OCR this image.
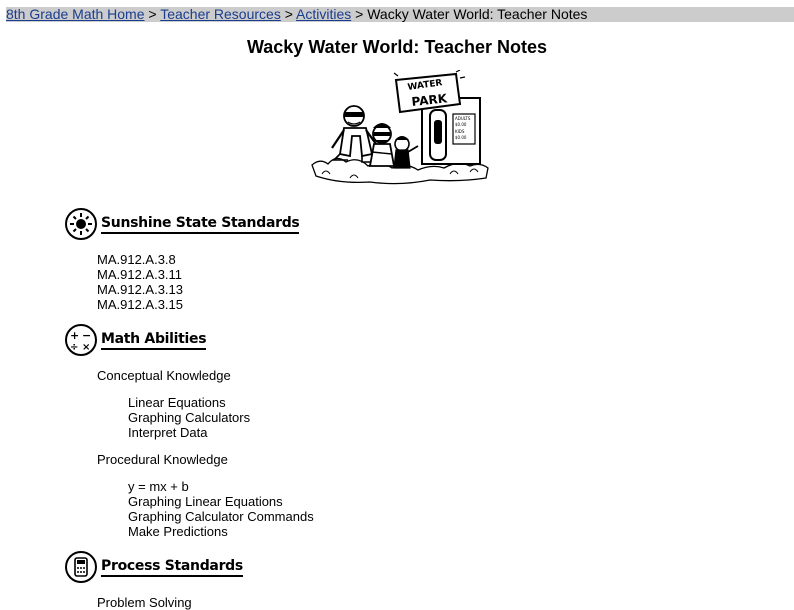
8th Grade Math Home > Teacher Resources > Activities > Wacky Water World: Teacher Notes
Wacky Water World: Teacher Notes
ADULTS
$0.00
KIDS
$0.00
WATER
PARK
Sunshine State Standards
MA.912.A.3.8
MA.912.A.3.11
MA.912.A.3.13
MA.912.A.3.15
+ −
÷ ×
Math Abilities
Conceptual Knowledge
Linear Equations
Graphing Calculators
Interpret Data
Procedural Knowledge
y = mx + b
Graphing Linear Equations
Graphing Calculator Commands
Make Predictions
Process Standards
Problem Solving
